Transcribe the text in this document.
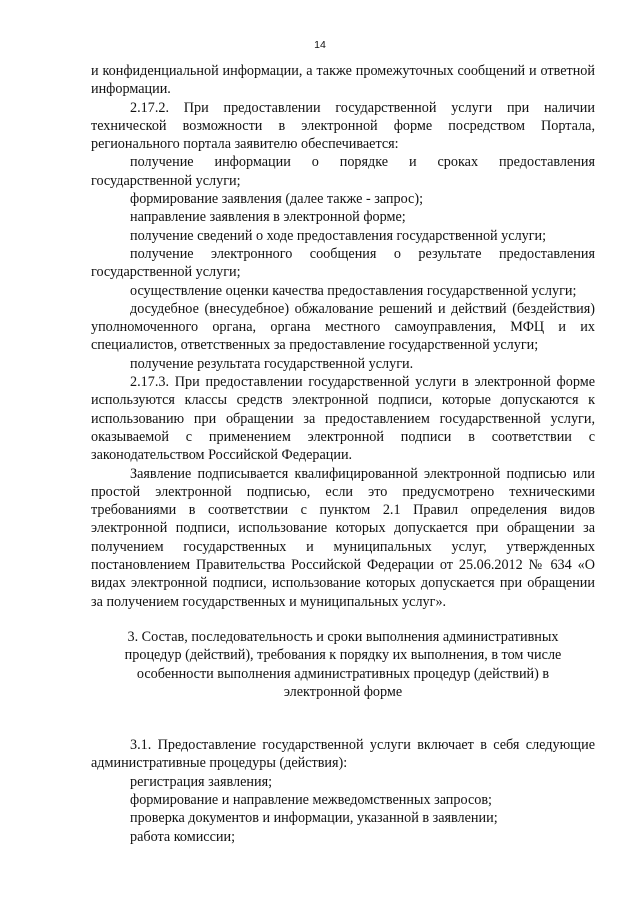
14

и конфиденциальной информации, а также промежуточных сообщений и ответной информации.

2.17.2. При предоставлении государственной услуги при наличии технической возможности в электронной форме посредством Портала, регионального портала заявителю обеспечивается:

получение информации о порядке и сроках предоставления государственной услуги;

формирование заявления (далее также - запрос);

направление заявления в электронной форме;

получение сведений о ходе предоставления государственной услуги;

получение электронного сообщения о результате предоставления государственной услуги;

осуществление оценки качества предоставления государственной услуги;

досудебное (внесудебное) обжалование решений и действий (бездействия) уполномоченного органа, органа местного самоуправления, МФЦ и их специалистов, ответственных за предоставление государственной услуги;

получение результата государственной услуги.

2.17.3. При предоставлении государственной услуги в электронной форме используются классы средств электронной подписи, которые допускаются к использованию при обращении за предоставлением государственной услуги, оказываемой с применением электронной подписи в соответствии с законодательством Российской Федерации.

Заявление подписывается квалифицированной электронной подписью или простой электронной подписью, если это предусмотрено техническими требованиями в соответствии с пунктом 2.1 Правил определения видов электронной подписи, использование которых допускается при обращении за получением государственных и муниципальных услуг, утвержденных постановлением Правительства Российской Федерации от 25.06.2012 № 634 «О видах электронной подписи, использование которых допускается при обращении за получением государственных и муниципальных услуг».

3. Состав, последовательность и сроки выполнения административных процедур (действий), требования к порядку их выполнения, в том числе особенности выполнения административных процедур (действий) в электронной форме

3.1. Предоставление государственной услуги включает в себя следующие административные процедуры (действия):

регистрация заявления;

формирование и направление межведомственных запросов;

проверка документов и информации, указанной в заявлении;

работа комиссии;
